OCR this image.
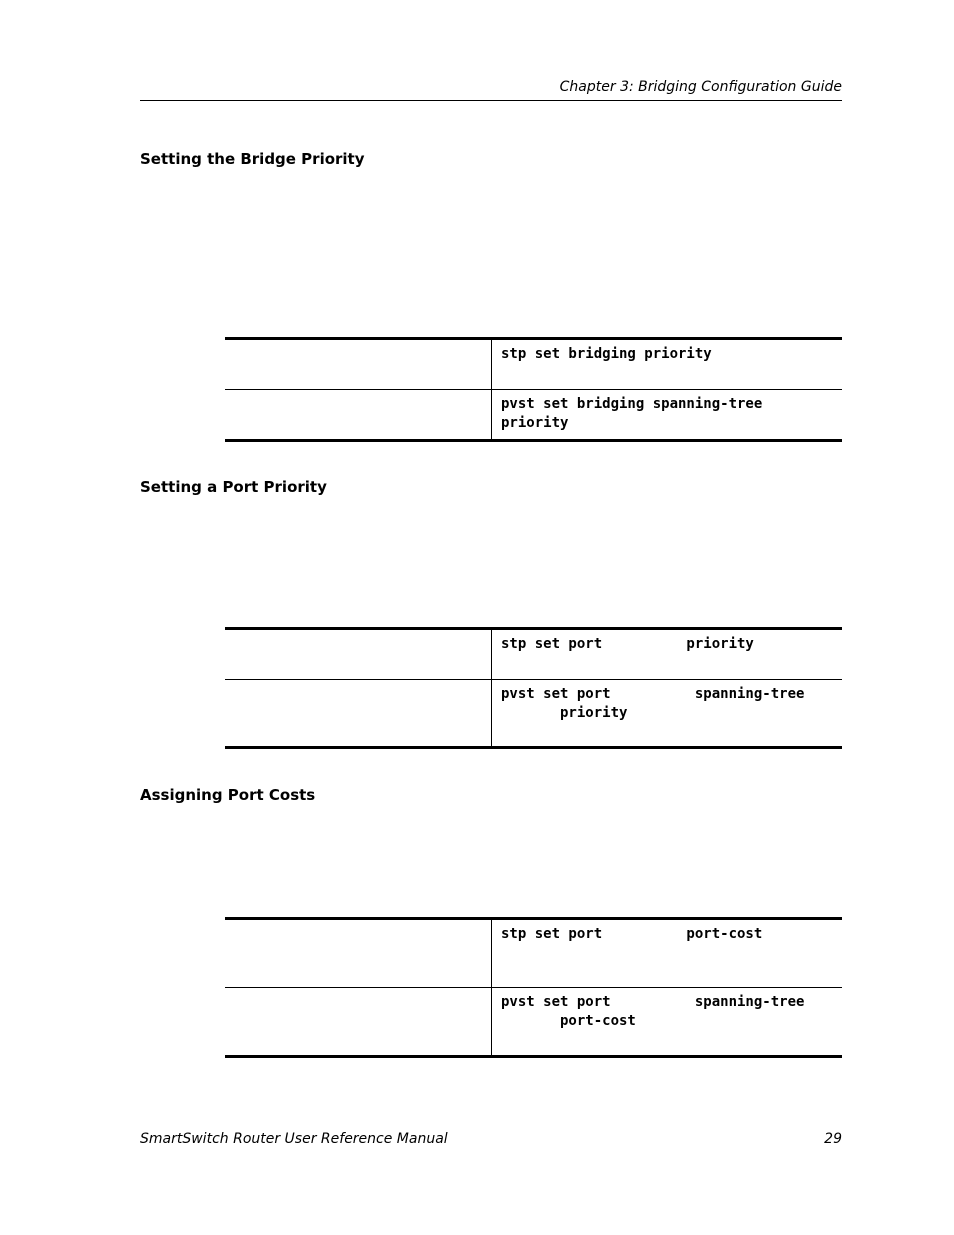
Chapter 3: Bridging Configuration Guide
Setting the Bridge Priority

	stp set bridging priority

	pvst set bridging spanning-tree
priority
Setting a Port Priority

	stp set port          priority

	pvst set port          spanning-tree
priority
Assigning Port Costs

	stp set port          port-cost

	pvst set port          spanning-tree
port-cost
SmartSwitch Router User Reference Manual	29
